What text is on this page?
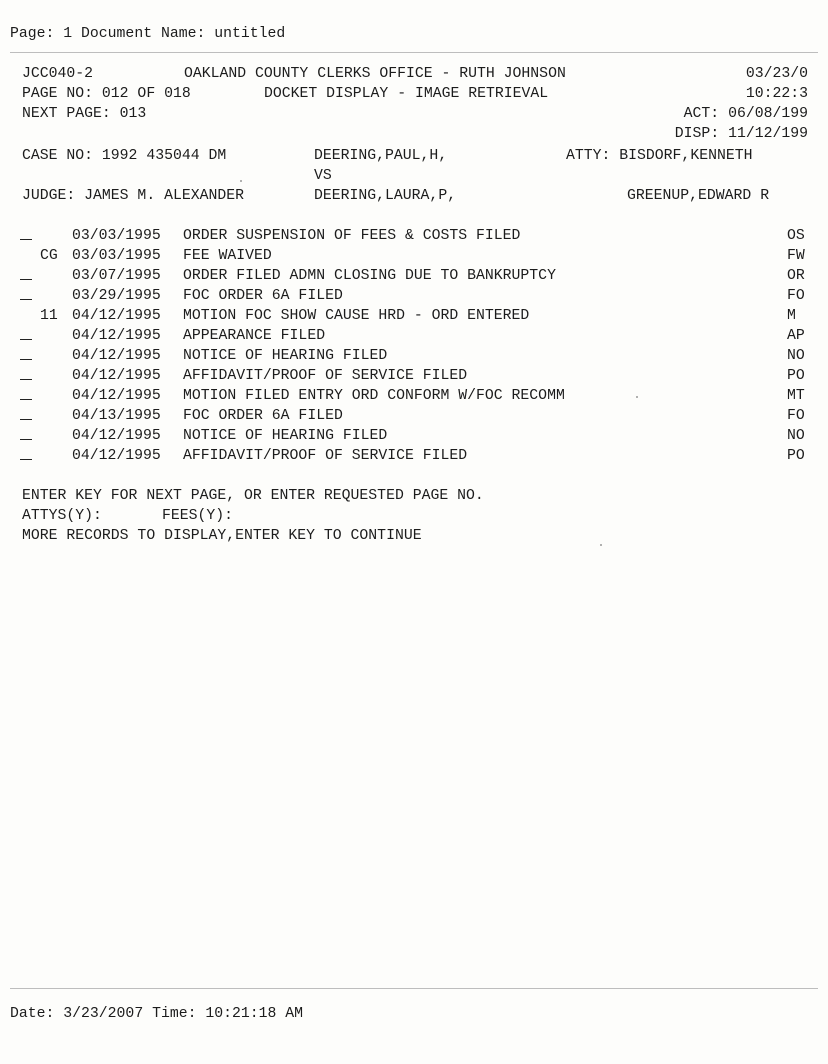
Page: 1 Document Name: untitled
JCC040-2	OAKLAND COUNTY CLERKS OFFICE - RUTH JOHNSON	03/23/0
PAGE NO: 012 OF 018	DOCKET DISPLAY - IMAGE RETRIEVAL	10:22:3
NEXT PAGE: 013	ACT: 06/08/199
DISP: 11/12/199
CASE NO: 1992 435044 DM	DEERING,PAUL,H,	ATTY: BISDORF,KENNETH
VS
JUDGE: JAMES M. ALEXANDER	DEERING,LAURA,P,	GREENUP,EDWARD R

03/03/1995 ORDER SUSPENSION OF FEES & COSTS FILED	OS
CG 03/03/1995 FEE WAIVED	FW

03/07/1995 ORDER FILED ADMN CLOSING DUE TO BANKRUPTCY	OR

03/29/1995 FOC ORDER 6A FILED	FO
11 04/12/1995 MOTION FOC SHOW CAUSE HRD - ORD ENTERED	M

04/12/1995 APPEARANCE FILED	AP

04/12/1995 NOTICE OF HEARING FILED	NO

04/12/1995 AFFIDAVIT/PROOF OF SERVICE FILED	PO

04/12/1995 MOTION FILED ENTRY ORD CONFORM W/FOC RECOMM	MT

04/13/1995 FOC ORDER 6A FILED	FO

04/12/1995 NOTICE OF HEARING FILED	NO

04/12/1995 AFFIDAVIT/PROOF OF SERVICE FILED	PO
ENTER KEY FOR NEXT PAGE, OR ENTER REQUESTED PAGE NO.
ATTYS(Y):	FEES(Y):
MORE RECORDS TO DISPLAY,ENTER KEY TO CONTINUE
Date: 3/23/2007 Time: 10:21:18 AM
